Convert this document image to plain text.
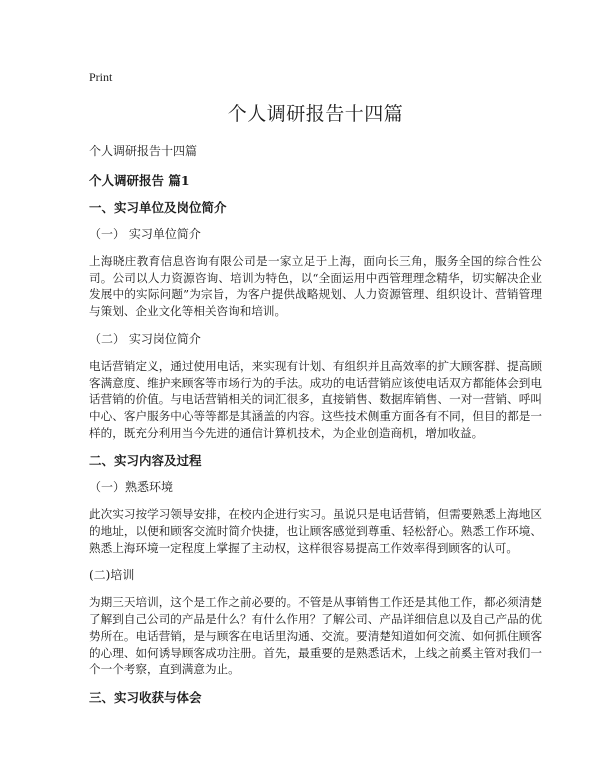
Print
个人调研报告十四篇
个人调研报告十四篇
个人调研报告 篇1
一、实习单位及岗位简介
（一） 实习单位简介

上海晓庄教育信息咨询有限公司是一家立足于上海，面向长三角，服务全国的综合性公司。公司以人力资源咨询、培训为特色，以“全面运用中西管理理念精华，切实解决企业发展中的实际问题”为宗旨，为客户提供战略规划、人力资源管理、组织设计、营销管理与策划、企业文化等相关咨询和培训。

（二） 实习岗位简介

电话营销定义，通过使用电话，来实现有计划、有组织并且高效率的扩大顾客群、提高顾客满意度、维护来顾客等市场行为的手法。成功的电话营销应该使电话双方都能体会到电话营销的价值。与电话营销相关的词汇很多，直接销售、数据库销售、一对一营销、呼叫中心、客户服务中心等等都是其涵盖的内容。这些技术侧重方面各有不同，但目的都是一样的，既充分利用当今先进的通信计算机技术，为企业创造商机，增加收益。

二、实习内容及过程
（一）熟悉环境

此次实习按学习领导安排，在校内企进行实习。虽说只是电话营销，但需要熟悉上海地区的地址，以便和顾客交流时简介快捷，也让顾客感觉到尊重、轻松舒心。熟悉工作环境、熟悉上海环境一定程度上掌握了主动权，这样很容易提高工作效率得到顾客的认可。

(二)培训

为期三天培训，这个是工作之前必要的。不管是从事销售工作还是其他工作，都必须清楚了解到自己公司的产品是什么？有什么作用？了解公司、产品详细信息以及自己产品的优势所在。电话营销，是与顾客在电话里沟通、交流。要清楚知道如何交流、如何抓住顾客的心理、如何诱导顾客成功注册。首先，最重要的是熟悉话术，上线之前奚主管对我们一个一个考察，直到满意为止。

三、实习收获与体会
